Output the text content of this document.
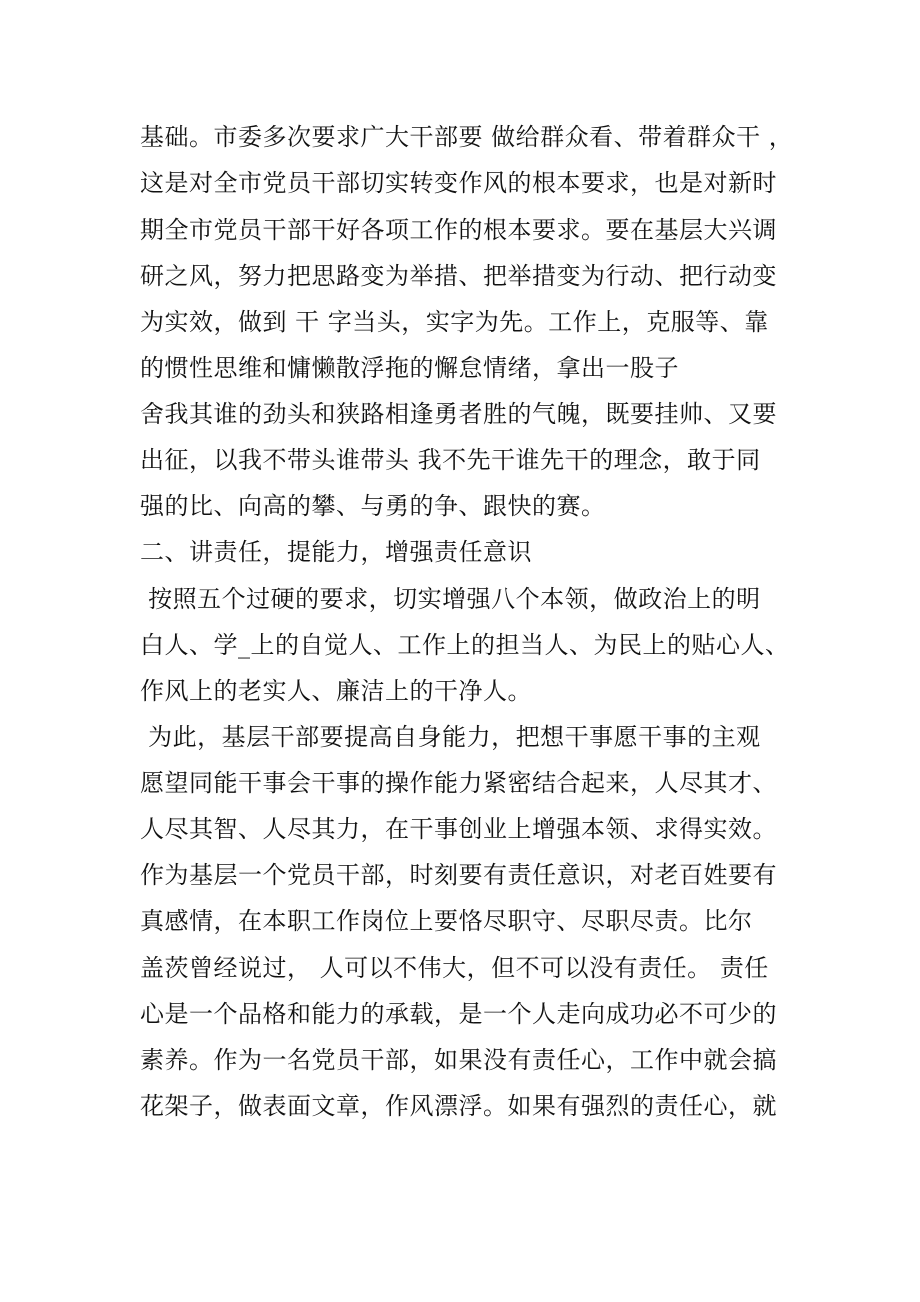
基础。市委多次要求广大干部要 做给群众看、带着群众干 ，
这是对全市党员干部切实转变作风的根本要求，也是对新时
期全市党员干部干好各项工作的根本要求。要在基层大兴调
研之风，努力把思路变为举措、把举措变为行动、把行动变
为实效，做到 干 字当头，实字为先。工作上，克服等、靠
的惯性思维和慵懒散浮拖的懈怠情绪，拿出一股子
舍我其谁的劲头和狭路相逢勇者胜的气魄，既要挂帅、又要
出征，以我不带头谁带头 我不先干谁先干的理念，敢于同
强的比、向高的攀、与勇的争、跟快的赛。
二、讲责任，提能力，增强责任意识
按照五个过硬的要求，切实增强八个本领，做政治上的明
白人、学_上的自觉人、工作上的担当人、为民上的贴心人、
作风上的老实人、廉洁上的干净人。
为此，基层干部要提高自身能力，把想干事愿干事的主观
愿望同能干事会干事的操作能力紧密结合起来，人尽其才、
人尽其智、人尽其力，在干事创业上增强本领、求得实效。
作为基层一个党员干部，时刻要有责任意识，对老百姓要有
真感情，在本职工作岗位上要恪尽职守、尽职尽责。比尔
盖茨曾经说过， 人可以不伟大，但不可以没有责任。 责任
心是一个品格和能力的承载，是一个人走向成功必不可少的
素养。作为一名党员干部，如果没有责任心，工作中就会搞
花架子，做表面文章，作风漂浮。如果有强烈的责任心，就
